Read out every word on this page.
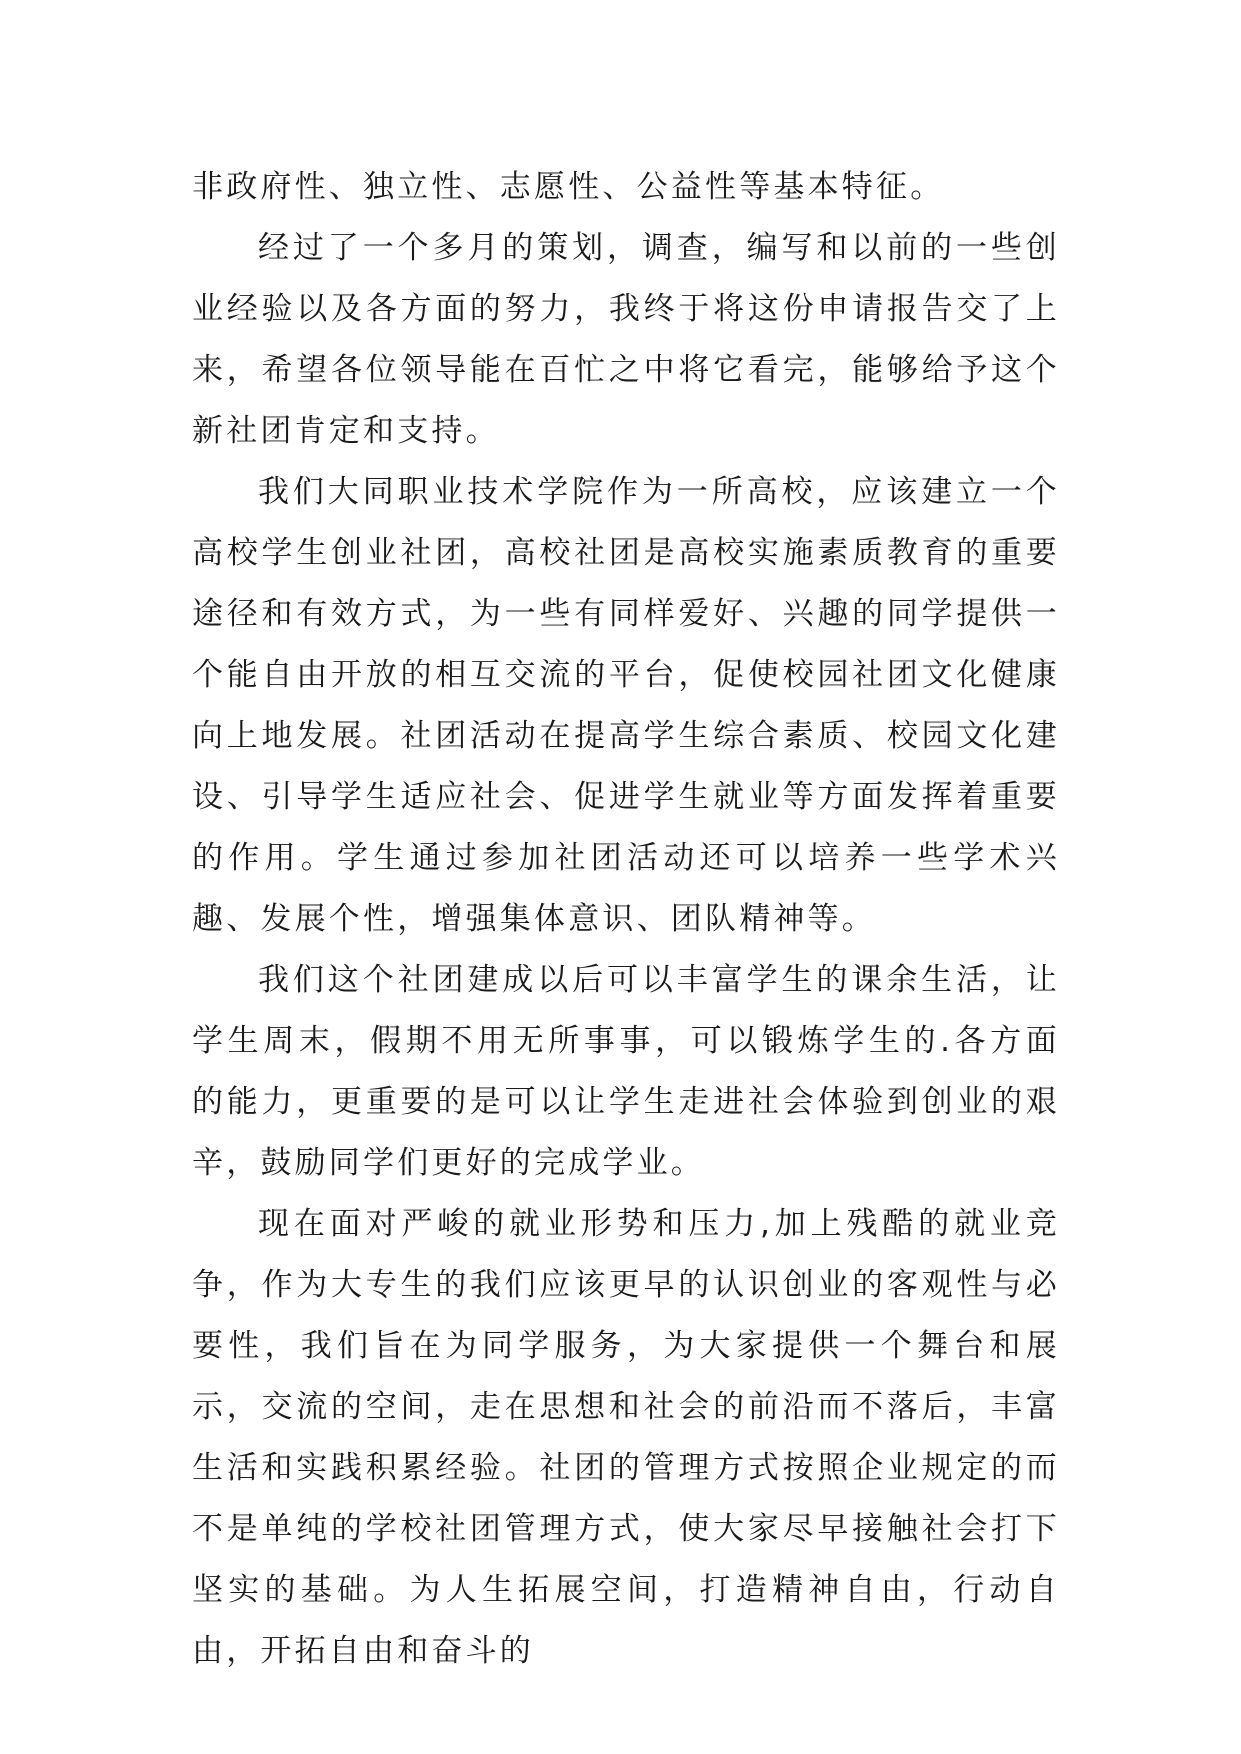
非政府性、独立性、志愿性、公益性等基本特征。

经过了一个多月的策划，调查，编写和以前的一些创业经验以及各方面的努力，我终于将这份申请报告交了上来，希望各位领导能在百忙之中将它看完，能够给予这个新社团肯定和支持。

我们大同职业技术学院作为一所高校，应该建立一个高校学生创业社团，高校社团是高校实施素质教育的重要途径和有效方式，为一些有同样爱好、兴趣的同学提供一个能自由开放的相互交流的平台，促使校园社团文化健康向上地发展。社团活动在提高学生综合素质、校园文化建设、引导学生适应社会、促进学生就业等方面发挥着重要的作用。学生通过参加社团活动还可以培养一些学术兴趣、发展个性，增强集体意识、团队精神等。

我们这个社团建成以后可以丰富学生的课余生活，让学生周末，假期不用无所事事，可以锻炼学生的.各方面的能力，更重要的是可以让学生走进社会体验到创业的艰辛，鼓励同学们更好的完成学业。

现在面对严峻的就业形势和压力,加上残酷的就业竞争，作为大专生的我们应该更早的认识创业的客观性与必要性，我们旨在为同学服务，为大家提供一个舞台和展示，交流的空间，走在思想和社会的前沿而不落后，丰富生活和实践积累经验。社团的管理方式按照企业规定的而不是单纯的学校社团管理方式，使大家尽早接触社会打下坚实的基础。为人生拓展空间，打造精神自由，行动自由，开拓自由和奋斗的
